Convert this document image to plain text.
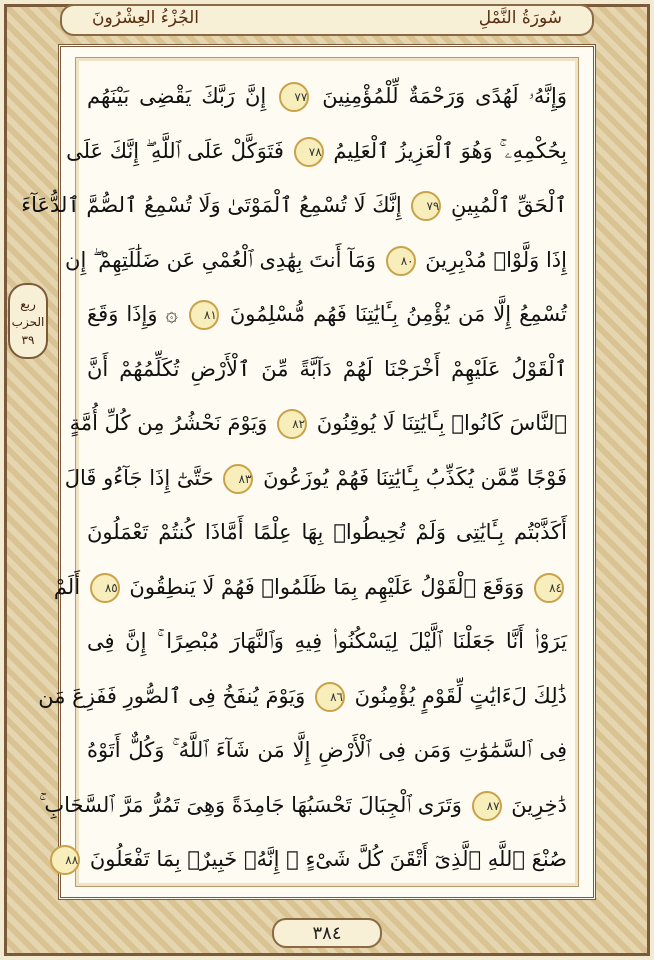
سُورَةُ النَّمْلِ
الجُزْءُ العِشْرُونَ
ربع
الحزب
٣٩
وَإِنَّهُۥ لَهُدًى وَرَحْمَةٌ لِّلْمُؤْمِنِينَ ٧٧ إِنَّ رَبَّكَ يَقْضِى بَيْنَهُم
بِحُكْمِهِۦ ۚ وَهُوَ ٱلْعَزِيزُ ٱلْعَلِيمُ ٧٨ فَتَوَكَّلْ عَلَى ٱللَّهِ ۖ إِنَّكَ عَلَى
ٱلْحَقِّ ٱلْمُبِينِ ٧٩ إِنَّكَ لَا تُسْمِعُ ٱلْمَوْتَىٰ وَلَا تُسْمِعُ ٱلصُّمَّ ٱلدُّعَآءَ
إِذَا وَلَّوْا۟ مُدْبِرِينَ ٨٠ وَمَآ أَنتَ بِهَٰدِى ٱلْعُمْىِ عَن ضَلَٰلَتِهِمْ ۖ إِن
تُسْمِعُ إِلَّا مَن يُؤْمِنُ بِـَٔايَٰتِنَا فَهُم مُّسْلِمُونَ ٨١ ۞ وَإِذَا وَقَعَ
ٱلْقَوْلُ عَلَيْهِمْ أَخْرَجْنَا لَهُمْ دَآبَّةً مِّنَ ٱلْأَرْضِ تُكَلِّمُهُمْ أَنَّ
ٱلنَّاسَ كَانُوا۟ بِـَٔايَٰتِنَا لَا يُوقِنُونَ ٨٢ وَيَوْمَ نَحْشُرُ مِن كُلِّ أُمَّةٍ
فَوْجًا مِّمَّن يُكَذِّبُ بِـَٔايَٰتِنَا فَهُمْ يُوزَعُونَ ٨٣ حَتَّىٰٓ إِذَا جَآءُو قَالَ
أَكَذَّبْتُم بِـَٔايَٰتِى وَلَمْ تُحِيطُوا۟ بِهَا عِلْمًا أَمَّاذَا كُنتُمْ تَعْمَلُونَ
٨٤ وَوَقَعَ ٱلْقَوْلُ عَلَيْهِم بِمَا ظَلَمُوا۟ فَهُمْ لَا يَنطِقُونَ ٨٥ أَلَمْ
يَرَوْا۟ أَنَّا جَعَلْنَا ٱلَّيْلَ لِيَسْكُنُوا۟ فِيهِ وَٱلنَّهَارَ مُبْصِرًا ۚ إِنَّ فِى
ذَٰلِكَ لَءَايَٰتٍ لِّقَوْمٍ يُؤْمِنُونَ ٨٦ وَيَوْمَ يُنفَخُ فِى ٱلصُّورِ فَفَزِعَ مَن
فِى ٱلسَّمَٰوَٰتِ وَمَن فِى ٱلْأَرْضِ إِلَّا مَن شَآءَ ٱللَّهُ ۚ وَكُلٌّ أَتَوْهُ
دَٰخِرِينَ ٨٧ وَتَرَى ٱلْجِبَالَ تَحْسَبُهَا جَامِدَةً وَهِىَ تَمُرُّ مَرَّ ٱلسَّحَابِ ۚ
صُنْعَ ٱللَّهِ ٱلَّذِىٓ أَتْقَنَ كُلَّ شَىْءٍ ۚ إِنَّهُۥ خَبِيرٌۢ بِمَا تَفْعَلُونَ ٨٨
٣٨٤
